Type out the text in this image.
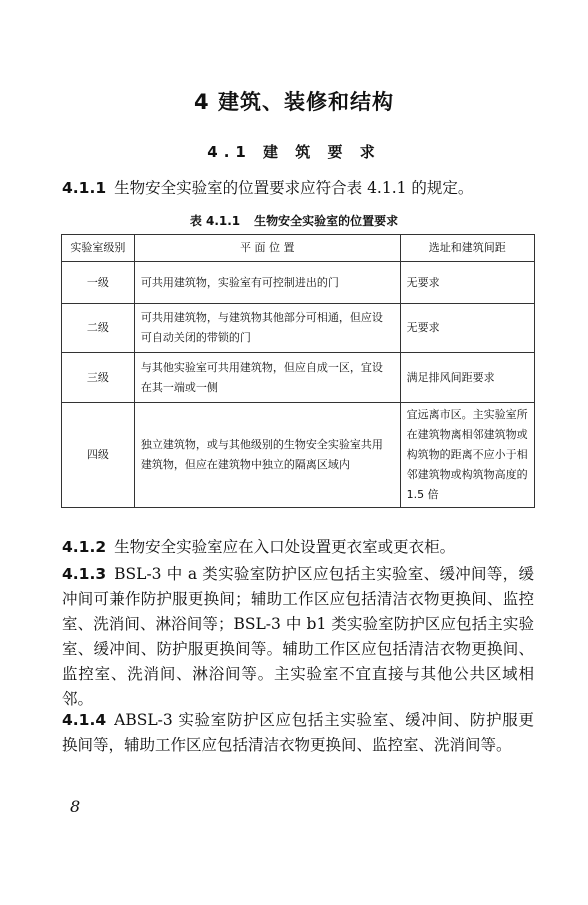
4 建筑、装修和结构
4.1 建 筑 要 求
4.1.1 生物安全实验室的位置要求应符合表 4.1.1 的规定。
表 4.1.1 生物安全实验室的位置要求
实验室级别	平 面 位 置	选址和建筑间距
一级	可共用建筑物，实验室有可控制进出的门	无要求
二级	可共用建筑物，与建筑物其他部分可相通，但应设可自动关闭的带锁的门	无要求
三级	与其他实验室可共用建筑物，但应自成一区，宜设在其一端或一侧	满足排风间距要求
四级	独立建筑物，或与其他级别的生物安全实验室共用建筑物，但应在建筑物中独立的隔离区域内	宜远离市区。主实验室所在建筑物离相邻建筑物或构筑物的距离不应小于相邻建筑物或构筑物高度的 1.5 倍
4.1.2 生物安全实验室应在入口处设置更衣室或更衣柜。
4.1.3 BSL-3 中 a 类实验室防护区应包括主实验室、缓冲间等，缓冲间可兼作防护服更换间；辅助工作区应包括清洁衣物更换间、监控室、洗消间、淋浴间等；BSL-3 中 b1 类实验室防护区应包括主实验室、缓冲间、防护服更换间等。辅助工作区应包括清洁衣物更换间、监控室、洗消间、淋浴间等。主实验室不宜直接与其他公共区域相邻。
4.1.4 ABSL-3 实验室防护区应包括主实验室、缓冲间、防护服更换间等，辅助工作区应包括清洁衣物更换间、监控室、洗消间等。
8
